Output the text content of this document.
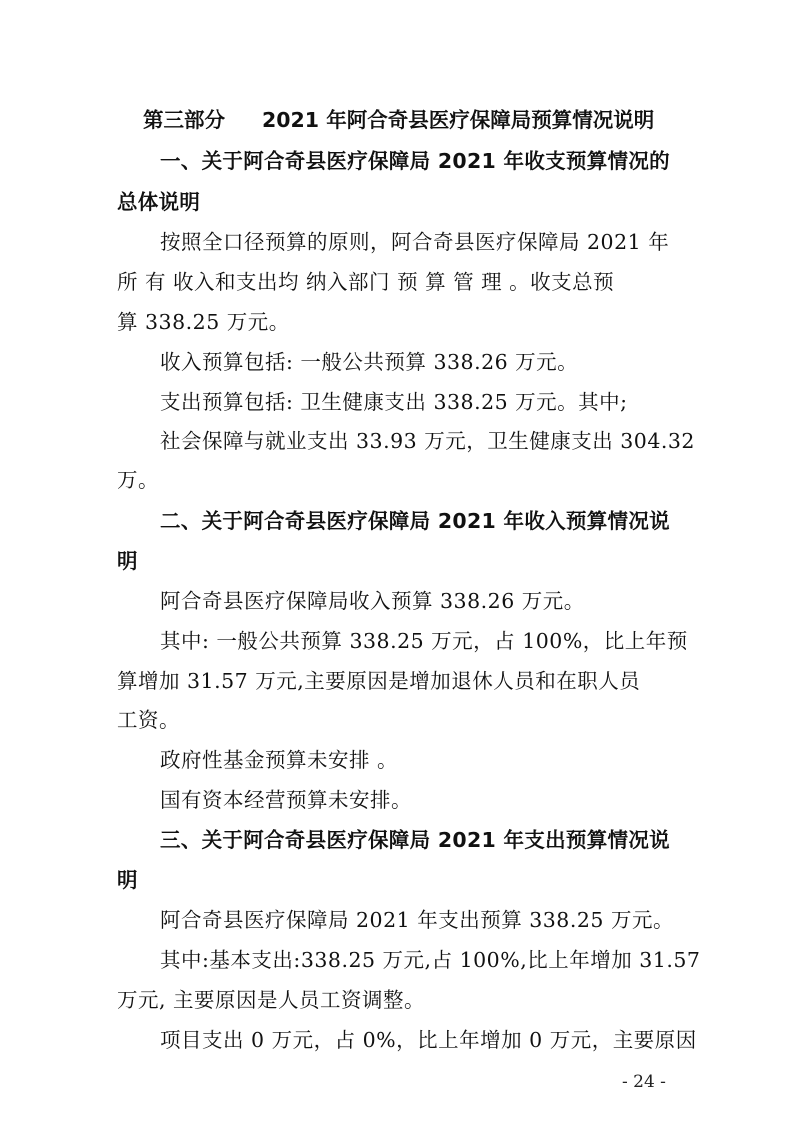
第三部分 2021 年阿合奇县医疗保障局预算情况说明
一、关于阿合奇县医疗保障局 2021 年收支预算情况的
总体说明
按照全口径预算的原则，阿合奇县医疗保障局 2021 年
所 有 收入和支出均 纳入部门 预 算 管 理 。收支总预
算 338.25 万元。
收入预算包括: 一般公共预算 338.26 万元。
支出预算包括: 卫生健康支出 338.25 万元。其中;
社会保障与就业支出 33.93 万元，卫生健康支出 304.32
万。
二、关于阿合奇县医疗保障局 2021 年收入预算情况说
明
阿合奇县医疗保障局收入预算 338.26 万元。
其中: 一般公共预算 338.25 万元，占 100%，比上年预
算增加 31.57 万元,主要原因是增加退休人员和在职人员
工资。
政府性基金预算未安排 。
国有资本经营预算未安排。
三、关于阿合奇县医疗保障局 2021 年支出预算情况说
明
阿合奇县医疗保障局 2021 年支出预算 338.25 万元。
其中:基本支出:338.25 万元,占 100%,比上年增加 31.57
万元, 主要原因是人员工资调整。
项目支出 0 万元，占 0%，比上年增加 0 万元，主要原因
- 24 -
